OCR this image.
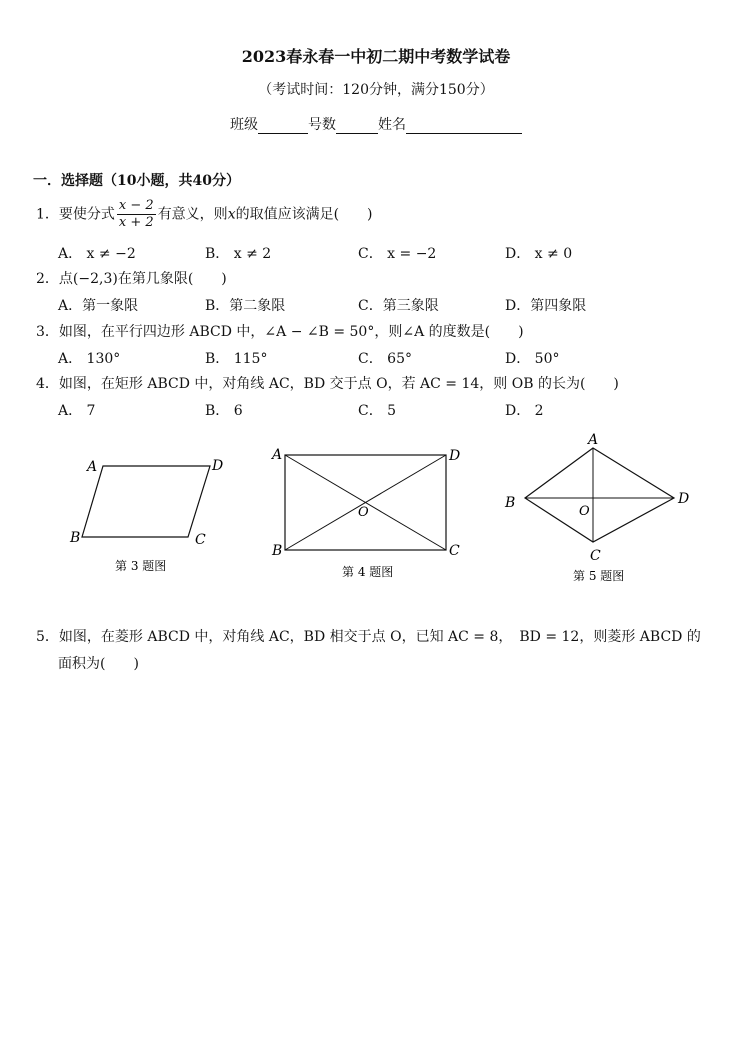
2023春永春一中初二期中考数学试卷
（考试时间：120分钟，满分150分）
班级	号数	姓名
一．选择题（10小题，共40分）
1．要使分式 $\frac{x - 2}{x + 2}$ 有意义，则x的取值应该满足(　　)
A． x ≠ −2	B． x ≠ 2	C． x = −2	D． x ≠ 0
2．点(−2,3)在第几象限(　　)
A．第一象限	B．第二象限	C．第三象限	D．第四象限
3．如图，在平行四边形 ABCD 中，∠A − ∠B = 50°，则∠A 的度数是(　　)
A． 130°	B． 115°	C． 65°	D． 50°
4．如图，在矩形 ABCD 中，对角线 AC，BD 交于点 O，若 AC = 14，则 OB 的长为(　　)
A． 7	B． 6	C． 5	D． 2
A	D
B	C
第 3 题图
A	D
B	C
O
第 4 题图
A
B	D
C
O
第 5 题图
5．如图，在菱形 ABCD 中，对角线 AC，BD 相交于点 O，已知 AC = 8，　BD = 12，则菱形 ABCD 的
面积为(　　)
